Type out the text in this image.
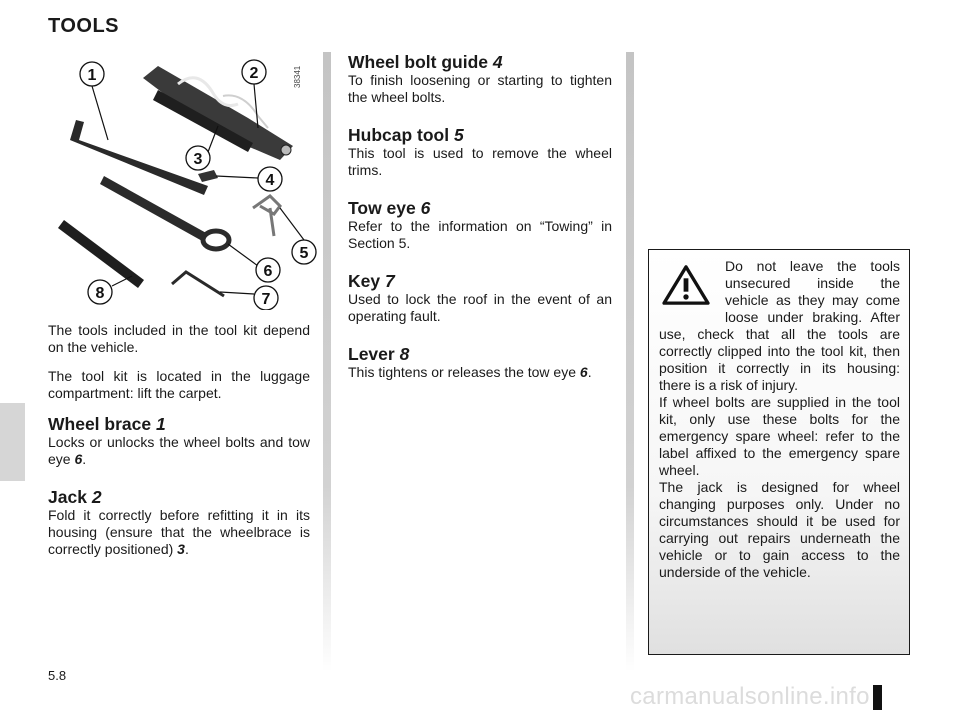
TOOLS
38341
1	2
3
4
5
6
7
8

The tools included in the tool kit depend on the vehicle.

The tool kit is located in the luggage compartment: lift the carpet.

Wheel brace 1

Locks or unlocks the wheel bolts and tow eye 6.

Jack 2

Fold it correctly before refitting it in its housing (ensure that the wheelbrace is correctly positioned) 3.

Wheel bolt guide 4

To finish loosening or starting to tighten the wheel bolts.

Hubcap tool 5

This tool is used to remove the wheel trims.

Tow eye 6

Refer to the information on “Towing” in Section 5.

Key 7

Used to lock the roof in the event of an operating fault.

Lever 8

This tightens or releases the tow eye 6.

Do not leave the tools unsecured inside the vehicle as they may come loose under braking. After use, check that all the tools are correctly clipped into the tool kit, then position it correctly in its housing: there is a risk of injury.

If wheel bolts are supplied in the tool kit, only use these bolts for the emergency spare wheel: refer to the label affixed to the emergency spare wheel.

The jack is designed for wheel changing purposes only. Under no circumstances should it be used for carrying out repairs underneath the vehicle or to gain access to the underside of the vehicle.

5.8
carmanualsonline.info
